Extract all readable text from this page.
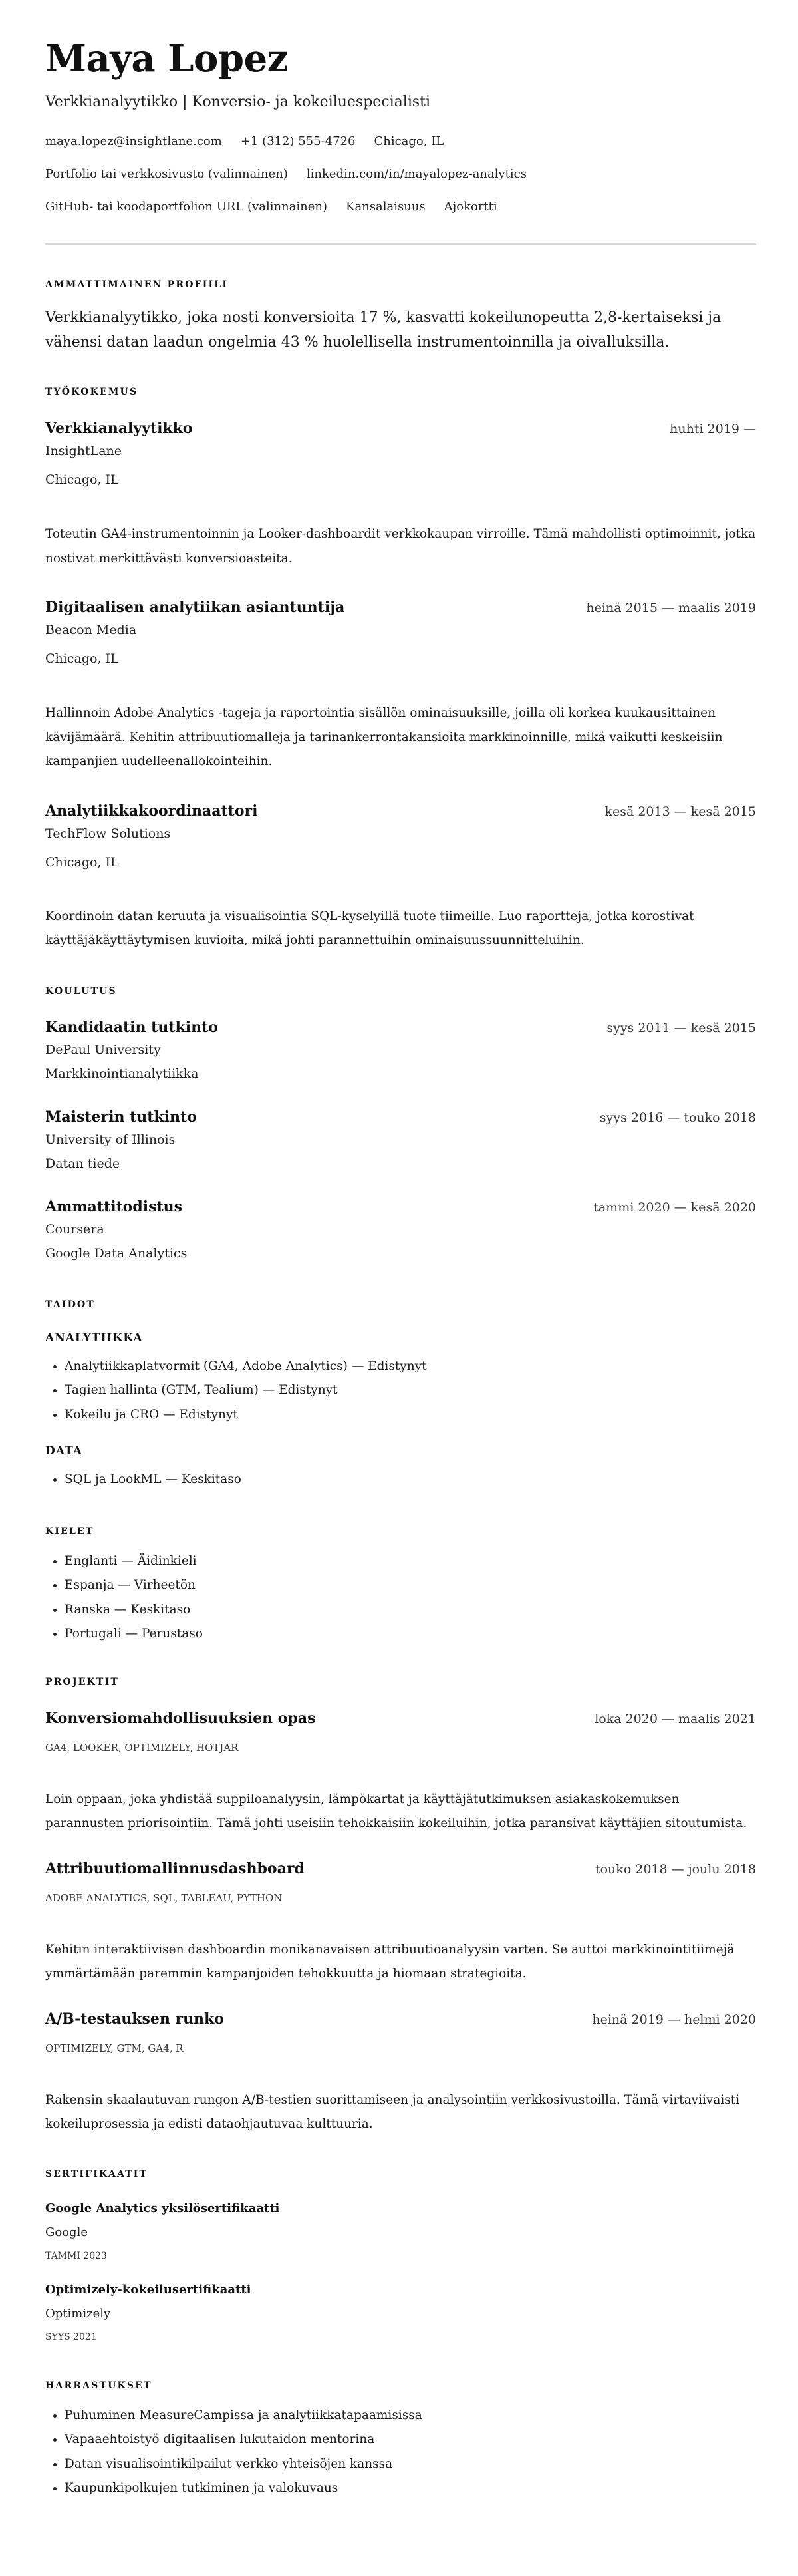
Maya Lopez
Verkkianalyytikko | Konversio- ja kokeiluespecialisti
maya.lopez@insightlane.com +1 (312) 555-4726 Chicago, IL
Portfolio tai verkkosivusto (valinnainen) linkedin.com/in/mayalopez-analytics
GitHub- tai koodaportfolion URL (valinnainen) Kansalaisuus Ajokortti
AMMATTIMAINEN PROFIILI
Verkkianalyytikko, joka nosti konversioita 17 %, kasvatti kokeilunopeutta 2,8-kertaiseksi ja vähensi datan laadun ongelmia 43 % huolellisella instrumentoinnilla ja oivalluksilla.
TYÖKOKEMUS
Verkkianalyytikko	huhti 2019 —
InsightLane
Chicago, IL
Toteutin GA4-instrumentoinnin ja Looker-dashboardit verkkokaupan virroille. Tämä mahdollisti optimoinnit, jotka nostivat merkittävästi konversioasteita.
Digitaalisen analytiikan asiantuntija	heinä 2015 — maalis 2019
Beacon Media
Chicago, IL
Hallinnoin Adobe Analytics -tageja ja raportointia sisällön ominaisuuksille, joilla oli korkea kuukausittainen kävijämäärä. Kehitin attribuutiomalleja ja tarinankerrontakansioita markkinoinnille, mikä vaikutti keskeisiin kampanjien uudelleenallokointeihin.
Analytiikkakoordinaattori	kesä 2013 — kesä 2015
TechFlow Solutions
Chicago, IL
Koordinoin datan keruuta ja visualisointia SQL-kyselyillä tuote tiimeille. Luo raportteja, jotka korostivat käyttäjäkäyttäytymisen kuvioita, mikä johti parannettuihin ominaisuussuunnitteluihin.
KOULUTUS
Kandidaatin tutkinto	syys 2011 — kesä 2015
DePaul University
Markkinointianalytiikka
Maisterin tutkinto	syys 2016 — touko 2018
University of Illinois
Datan tiede
Ammattitodistus	tammi 2020 — kesä 2020
Coursera
Google Data Analytics
TAIDOT
ANALYTIIKKA
• Analytiikkaplatvormit (GA4, Adobe Analytics) — Edistynyt
• Tagien hallinta (GTM, Tealium) — Edistynyt
• Kokeilu ja CRO — Edistynyt
DATA
• SQL ja LookML — Keskitaso
KIELET
• Englanti — Äidinkieli
• Espanja — Virheetön
• Ranska — Keskitaso
• Portugali — Perustaso
PROJEKTIT
Konversiomahdollisuuksien opas	loka 2020 — maalis 2021
GA4, LOOKER, OPTIMIZELY, HOTJAR
Loin oppaan, joka yhdistää suppiloanalyysin, lämpökartat ja käyttäjätutkimuksen asiakaskokemuksen parannusten priorisointiin. Tämä johti useisiin tehokkaisiin kokeiluihin, jotka paransivat käyttäjien sitoutumista.
Attribuutiomallinnusdashboard	touko 2018 — joulu 2018
ADOBE ANALYTICS, SQL, TABLEAU, PYTHON
Kehitin interaktiivisen dashboardin monikanavaisen attribuutioanalyysin varten. Se auttoi markkinointitiimejä ymmärtämään paremmin kampanjoiden tehokkuutta ja hiomaan strategioita.
A/B-testauksen runko	heinä 2019 — helmi 2020
OPTIMIZELY, GTM, GA4, R
Rakensin skaalautuvan rungon A/B-testien suorittamiseen ja analysointiin verkkosivustoilla. Tämä virtaviivaisti kokeiluprosessia ja edisti dataohjautuvaa kulttuuria.
SERTIFIKAATIT
Google Analytics yksilösertifikaatti
Google
TAMMI 2023
Optimizely-kokeilusertifikaatti
Optimizely
SYYS 2021
HARRASTUKSET
• Puhuminen MeasureCampissa ja analytiikkatapaamisissa
• Vapaaehtoistyö digitaalisen lukutaidon mentorina
• Datan visualisointikilpailut verkko yhteisöjen kanssa
• Kaupunkipolkujen tutkiminen ja valokuvaus
